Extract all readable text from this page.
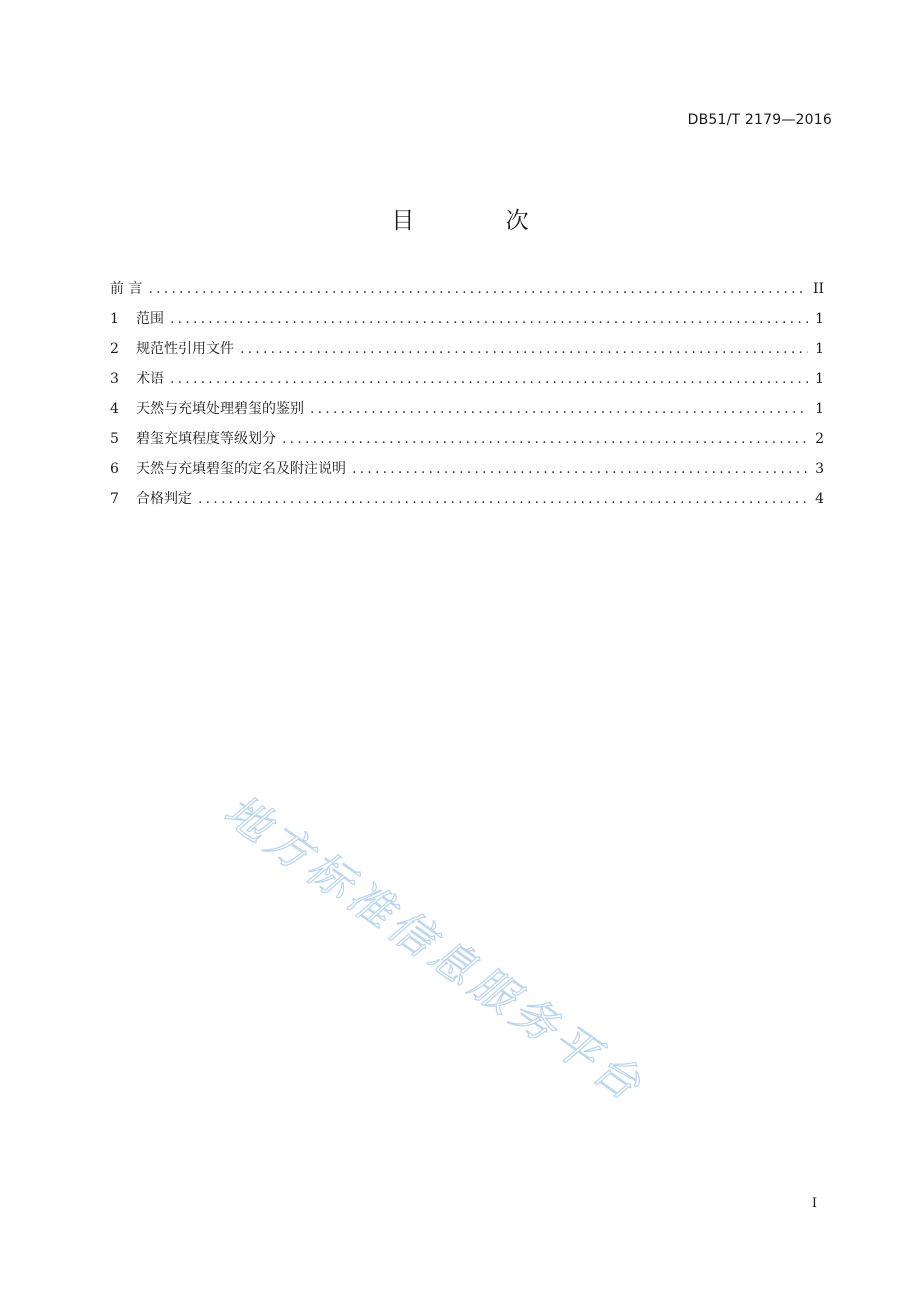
DB51/T 2179—2016
目 次
前 言 .....	II
1	范围 .....	1
2	规范性引用文件 .....	1
3	术语 .....	1
4	天然与充填处理碧玺的鉴别 .....	1
5	碧玺充填程度等级划分 .....	2
6	天然与充填碧玺的定名及附注说明 .....	3
7	合格判定 .....	4
地方标准信息服务平台
I
